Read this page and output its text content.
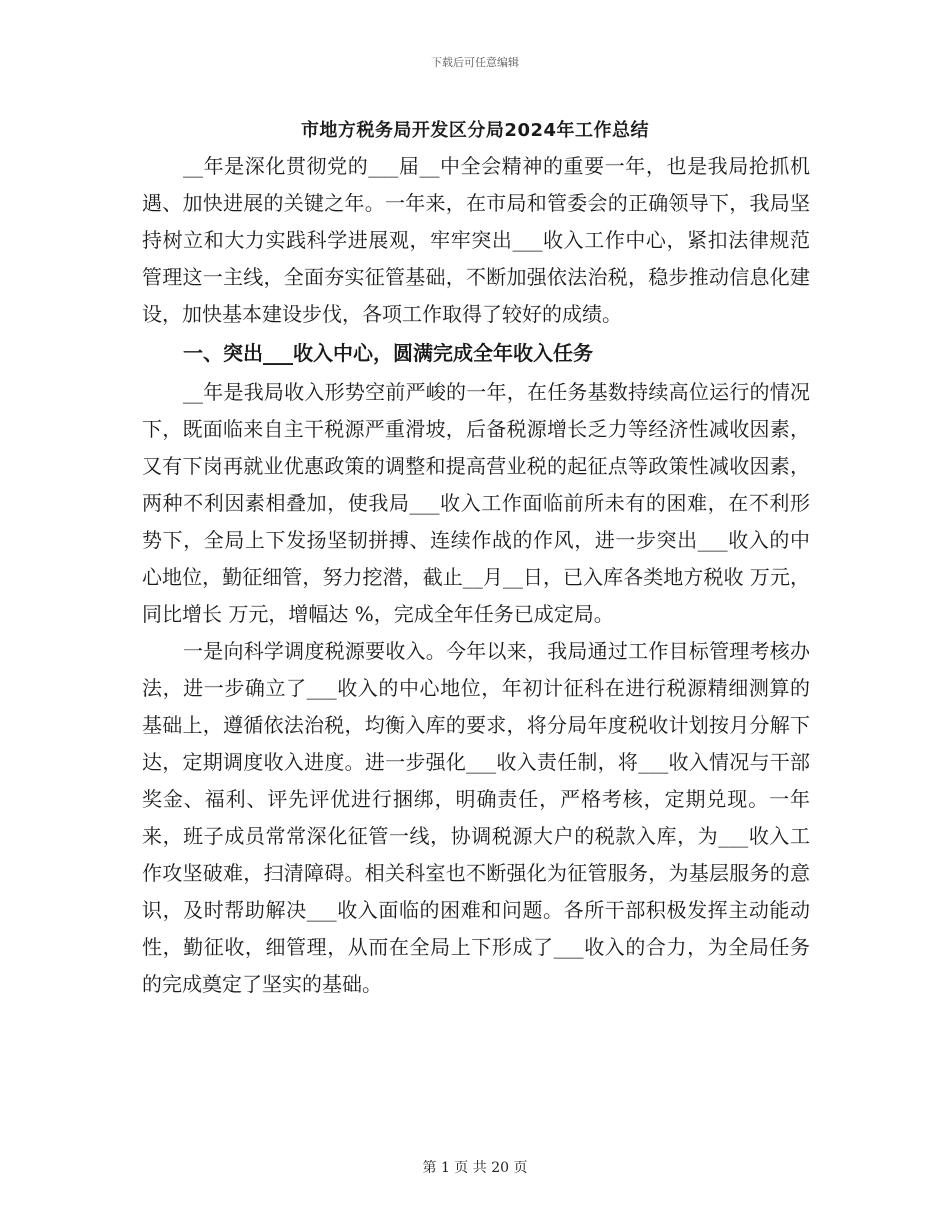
下载后可任意编辑
市地方税务局开发区分局2024年工作总结

__年是深化贯彻党的___届__中全会精神的重要一年，也是我局抢抓机遇、加快进展的关键之年。一年来，在市局和管委会的正确领导下，我局坚持树立和大力实践科学进展观，牢牢突出___收入工作中心，紧扣法律规范管理这一主线，全面夯实征管基础，不断加强依法治税，稳步推动信息化建设，加快基本建设步伐，各项工作取得了较好的成绩。

一、突出___收入中心，圆满完成全年收入任务

__年是我局收入形势空前严峻的一年，在任务基数持续高位运行的情况下，既面临来自主干税源严重滑坡，后备税源增长乏力等经济性减收因素，又有下岗再就业优惠政策的调整和提高营业税的起征点等政策性减收因素，两种不利因素相叠加，使我局___收入工作面临前所未有的困难，在不利形势下，全局上下发扬坚韧拼搏、连续作战的作风，进一步突出___收入的中心地位，勤征细管，努力挖潜，截止__月__日，已入库各类地方税收 万元，同比增长 万元，增幅达 %，完成全年任务已成定局。

一是向科学调度税源要收入。今年以来，我局通过工作目标管理考核办法，进一步确立了___收入的中心地位，年初计征科在进行税源精细测算的基础上，遵循依法治税，均衡入库的要求，将分局年度税收计划按月分解下达，定期调度收入进度。进一步强化___收入责任制，将___收入情况与干部奖金、福利、评先评优进行捆绑，明确责任，严格考核，定期兑现。一年来，班子成员常常深化征管一线，协调税源大户的税款入库，为___收入工作攻坚破难，扫清障碍。相关科室也不断强化为征管服务，为基层服务的意识，及时帮助解决___收入面临的困难和问题。各所干部积极发挥主动能动性，勤征收，细管理，从而在全局上下形成了___收入的合力，为全局任务的完成奠定了坚实的基础。

第 1 页 共 20 页
